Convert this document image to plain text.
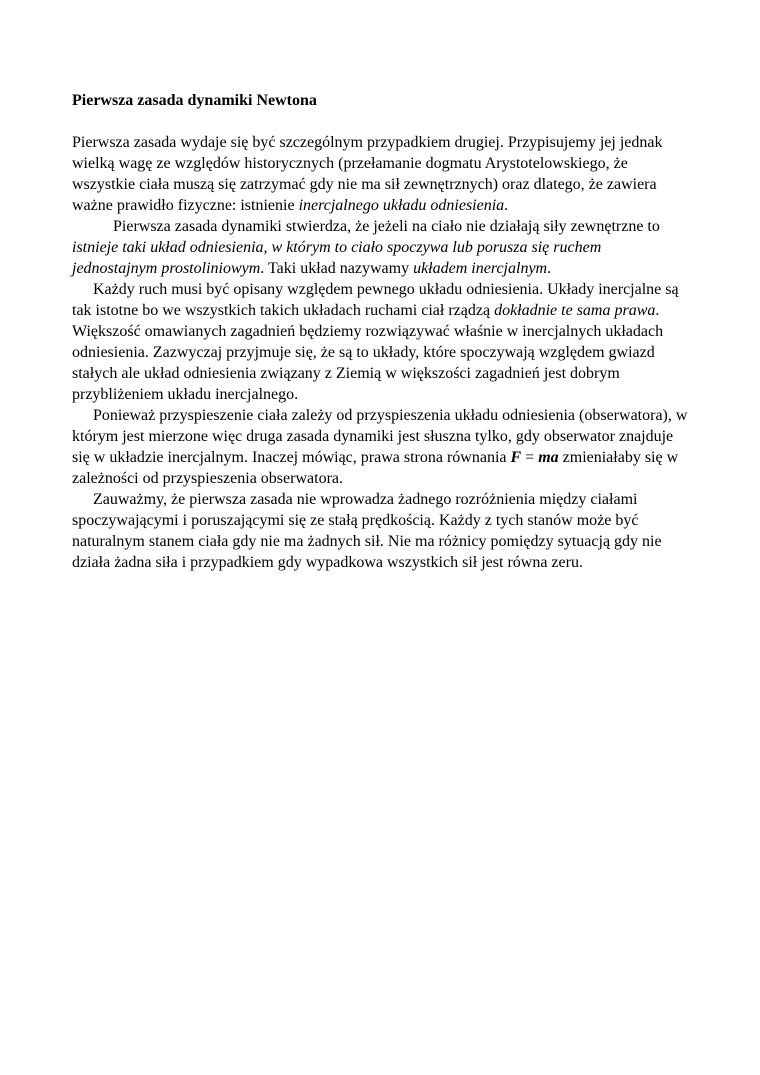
Pierwsza zasada dynamiki Newtona

Pierwsza zasada wydaje się być szczególnym przypadkiem drugiej. Przypisujemy jej jednak wielką wagę ze względów historycznych (przełamanie dogmatu Arystotelowskiego, że wszystkie ciała muszą się zatrzymać gdy nie ma sił zewnętrznych) oraz dlatego, że zawiera ważne prawidło fizyczne: istnienie inercjalnego układu odniesienia.

Pierwsza zasada dynamiki stwierdza, że jeżeli na ciało nie działają siły zewnętrzne to istnieje taki układ odniesienia, w którym to ciało spoczywa lub porusza się ruchem jednostajnym prostoliniowym. Taki układ nazywamy układem inercjalnym.

Każdy ruch musi być opisany względem pewnego układu odniesienia. Układy inercjalne są tak istotne bo we wszystkich takich układach ruchami ciał rządzą dokładnie te sama prawa. Większość omawianych zagadnień będziemy rozwiązywać właśnie w inercjalnych układach odniesienia. Zazwyczaj przyjmuje się, że są to układy, które spoczywają względem gwiazd stałych ale układ odniesienia związany z Ziemią w większości zagadnień jest dobrym przybliżeniem układu inercjalnego.

Ponieważ przyspieszenie ciała zależy od przyspieszenia układu odniesienia (obserwatora), w którym jest mierzone więc druga zasada dynamiki jest słuszna tylko, gdy obserwator znajduje się w układzie inercjalnym. Inaczej mówiąc, prawa strona równania F = ma zmieniałaby się w zależności od przyspieszenia obserwatora.

Zauważmy, że pierwsza zasada nie wprowadza żadnego rozróżnienia między ciałami spoczywającymi i poruszającymi się ze stałą prędkością. Każdy z tych stanów może być naturalnym stanem ciała gdy nie ma żadnych sił. Nie ma różnicy pomiędzy sytuacją gdy nie działa żadna siła i przypadkiem gdy wypadkowa wszystkich sił jest równa zeru.
